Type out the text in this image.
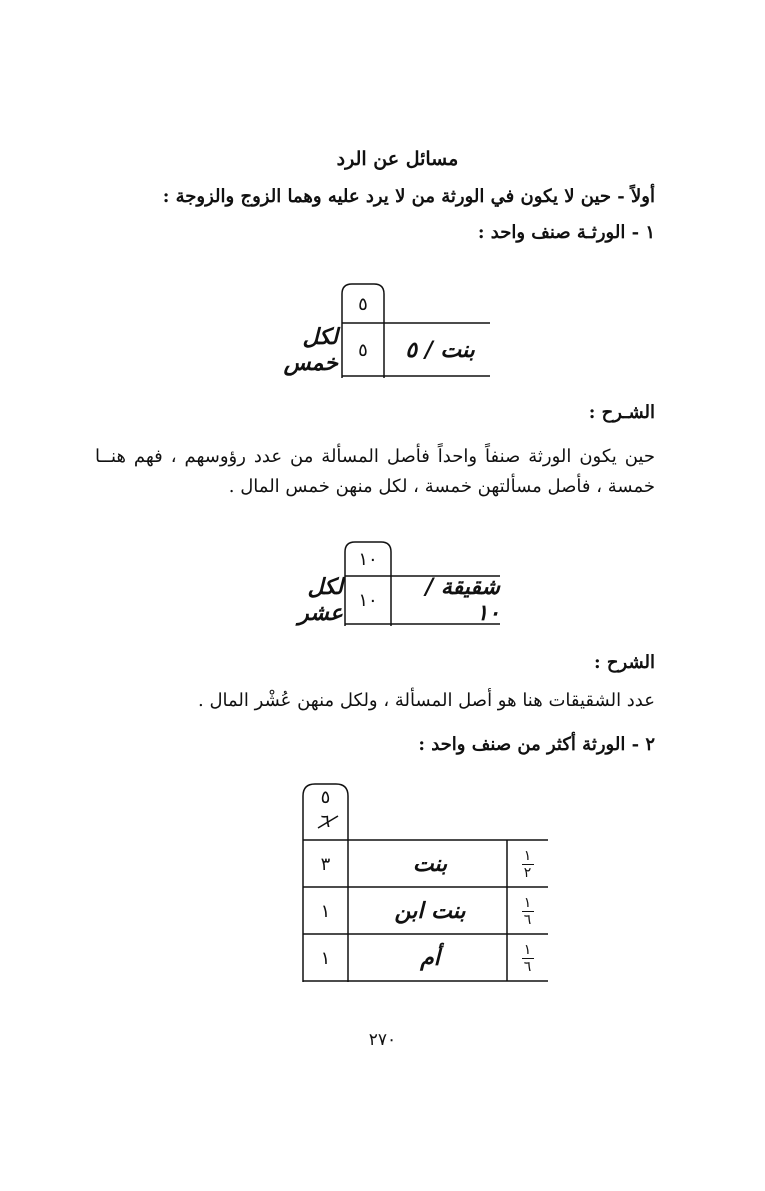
مسائل عن الرد
أولاً - حين لا يكون في الورثة من لا يرد عليه وهما الزوج والزوجة :
١ - الورثـة صنف واحد :
٥
٥	بنت / ٥
لكل خمس
الشـرح :
حين يكون الورثة صنفاً واحداً فأصل المسألة من عدد رؤوسهم ، فهم هنــا خمسة ، فأصل مسألتهن خمسة ، لكل منهن خمس المال .
١٠
١٠	شقيقة / ١٠
لكل عشر
الشرح :
عدد الشقيقات هنا هو أصل المسألة ، ولكل منهن عُشْر المال .
٢ - الورثة أكثر من صنف واحد :
٥
٦
٣	بنت	$\frac{١}{٢}$
١	بنت ابن	$\frac{١}{٦}$
١	أم	$\frac{١}{٦}$
٢٧٠
